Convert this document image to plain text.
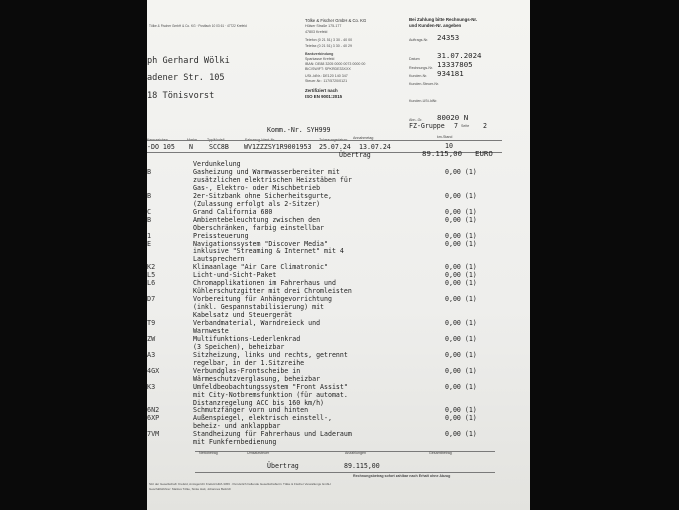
Tölke & Fischer GmbH & Co. KG · Postfach 10 03 61 · 47722 Krefeld
Tölke & Fischer GmbH & Co. KG
Hülser Straße 175-177
47803 Krefeld
Telefon (0 21 51) 3 30 - 40 00
Telefax (0 21 51) 3 30 - 40 29
Bankverbindung
Sparkasse Krefeld
IBAN: DE88 3205 0000 0073 0000 00
BIC/SWIFT: SPKRDE33XXX
USt.-IdNr.: DE120 140 347
Steuer-Nr.: 117/5720/0121
Zertifiziert nach
ISO EN 9001:2015
Bei Zahlung bitte Rechnungs-Nr.
und Kunden-Nr. angeben
ph Gerhard Wölki
adener Str. 105
18 Tönisvorst
Auftrags-Nr. 24353
Datum 31.07.2024
Rechnungs-Nr. 13337805
Kunden-Nr. 934181
Kunden-Steuer-Nr.
Kunden-USt-IdNr.
Abn.-Gr. 80020 N
FZ-Gruppe 7 Seite 2
Komm.-Nr. SYH999
Annahmetag	km-Stand
-DO 105 N SCC8B WV1ZZZSY1R9001953 25.07.24 13.07.24	10
Übertrag	89.115,00 EURO
Verdunkelung
B	Gasheizung und Warmwasserbereiter mit	0,00 (1)
zusätzlichen elektrischen Heizstäben für
Gas-, Elektro- oder Mischbetrieb
B	2er-Sitzbank ohne Sicherheitsgurte,	0,00 (1)
(Zulassung erfolgt als 2-Sitzer)
C	Grand California 680	0,00 (1)
B	Ambientebeleuchtung zwischen den	0,00 (1)
Oberschränken, farbig einstellbar
1	Preissteuerung	0,00 (1)
E	Navigationssystem "Discover Media"	0,00 (1)
inklusive "Streaming & Internet" mit 4
Lautsprechern
K2	Klimaanlage "Air Care Climatronic"	0,00 (1)
L5	Licht-und-Sicht-Paket	0,00 (1)
L6	Chromapplikationen im Fahrerhaus und	0,00 (1)
Kühlerschutzgitter mit drei Chromleisten
D7	Vorbereitung für Anhängevorrichtung	0,00 (1)
(inkl. Gespannstabilisierung) mit
Kabelsatz und Steuergerät
T9	Verbandmaterial, Warndreieck und	0,00 (1)
Warnweste
ZW	Multifunktions-Lederlenkrad	0,00 (1)
(3 Speichen), beheizbar
A3	Sitzheizung, links und rechts, getrennt	0,00 (1)
regelbar, in der 1.Sitzreihe
4GX	Verbundglas-Frontscheibe in	0,00 (1)
Wärmeschutzverglasung, beheizbar
K3	Umfeldbeobachtungssystem "Front Assist"	0,00 (1)
mit City-Notbremsfunktion (für automat.
Distanzregelung ACC bis 160 km/h)
6N2	Schmutzfänger vorn und hinten	0,00 (1)
6XP	Außenspiegel, elektrisch einstell-,	0,00 (1)
beheiz- und anklappbar
7VM	Standheizung für Fahrerhaus und Laderaum	0,00 (1)
mit Funkfernbedienung
Nettobetrag	Umsatzsteuer	Anzahlungen	Gesamtbetrag
Übertrag	89.115,00
Rechnungsbetrag sofort zahlbar nach Erhalt ohne Abzug
Sitz der Gesellschaft: Krefeld, Amtsgericht Krefeld HRA 3456 · Persönlich haftende Gesellschafterin: Tölke & Fischer Verwaltungs GmbH
Geschäftsführer: Markus Tölke, Sinke Hatt, Johannes Bettrich
